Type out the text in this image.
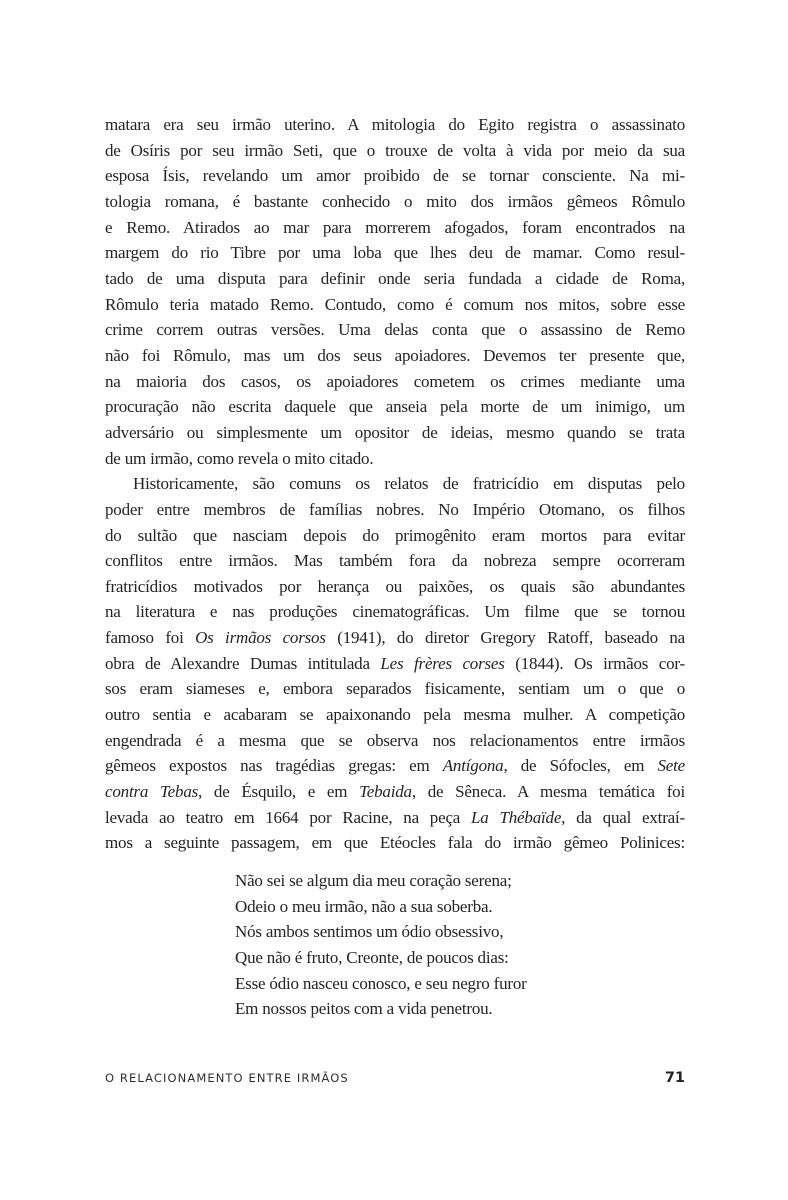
matara era seu irmão uterino. A mitologia do Egito registra o assassinato
de Osíris por seu irmão Seti, que o trouxe de volta à vida por meio da sua
esposa Ísis, revelando um amor proibido de se tornar consciente. Na mi-
tologia romana, é bastante conhecido o mito dos irmãos gêmeos Rômulo
e Remo. Atirados ao mar para morrerem afogados, foram encontrados na
margem do rio Tibre por uma loba que lhes deu de mamar. Como resul-
tado de uma disputa para definir onde seria fundada a cidade de Roma,
Rômulo teria matado Remo. Contudo, como é comum nos mitos, sobre esse
crime correm outras versões. Uma delas conta que o assassino de Remo
não foi Rômulo, mas um dos seus apoiadores. Devemos ter presente que,
na maioria dos casos, os apoiadores cometem os crimes mediante uma
procuração não escrita daquele que anseia pela morte de um inimigo, um
adversário ou simplesmente um opositor de ideias, mesmo quando se trata
de um irmão, como revela o mito citado.

Historicamente, são comuns os relatos de fratricídio em disputas pelo
poder entre membros de famílias nobres. No Império Otomano, os filhos
do sultão que nasciam depois do primogênito eram mortos para evitar
conflitos entre irmãos. Mas também fora da nobreza sempre ocorreram
fratricídios motivados por herança ou paixões, os quais são abundantes
na literatura e nas produções cinematográficas. Um filme que se tornou
famoso foi Os irmãos corsos (1941), do diretor Gregory Ratoff, baseado na
obra de Alexandre Dumas intitulada Les frères corses (1844). Os irmãos cor-
sos eram siameses e, embora separados fisicamente, sentiam um o que o
outro sentia e acabaram se apaixonando pela mesma mulher. A competição
engendrada é a mesma que se observa nos relacionamentos entre irmãos
gêmeos expostos nas tragédias gregas: em Antígona, de Sófocles, em Sete
contra Tebas, de Ésquilo, e em Tebaida, de Sêneca. A mesma temática foi
levada ao teatro em 1664 por Racine, na peça La Thébaïde, da qual extraí-
mos a seguinte passagem, em que Etéocles fala do irmão gêmeo Polinices:

Não sei se algum dia meu coração serena;
Odeio o meu irmão, não a sua soberba.
Nós ambos sentimos um ódio obsessivo,
Que não é fruto, Creonte, de poucos dias:
Esse ódio nasceu conosco, e seu negro furor
Em nossos peitos com a vida penetrou.
O RELACIONAMENTO ENTRE IRMÃOS	71
